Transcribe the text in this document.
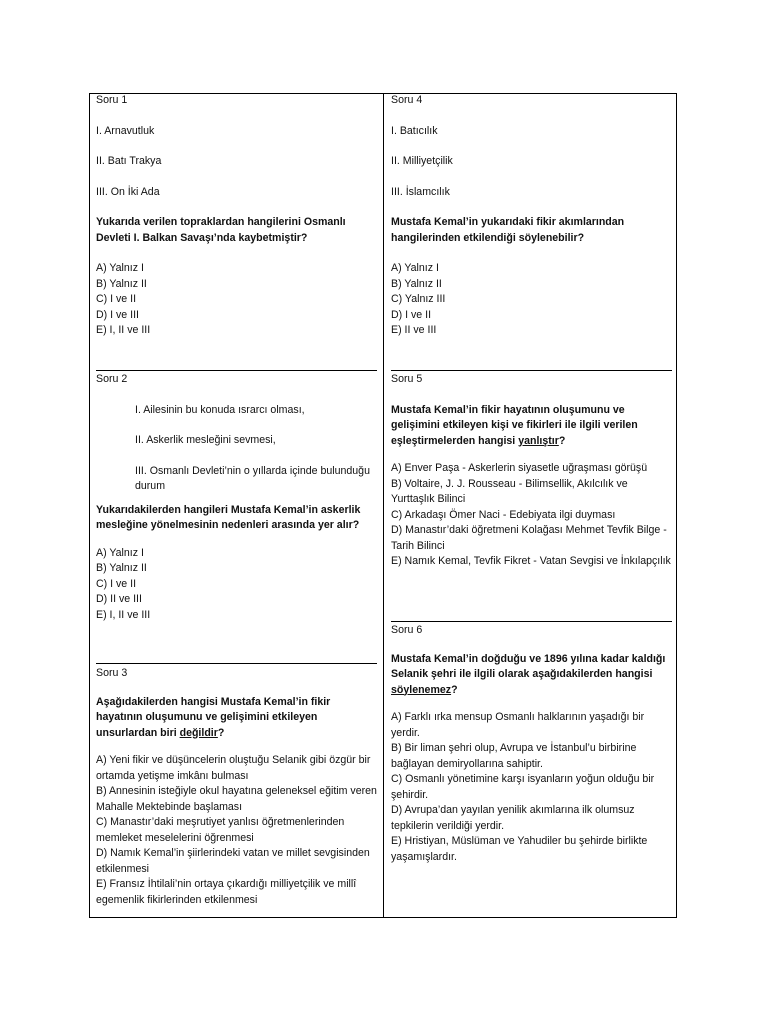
Soru 1

I. Arnavutluk

II. Batı Trakya

III. On İki Ada

Yukarıda verilen topraklardan hangilerini Osmanlı Devleti I. Balkan Savaşı’nda kaybetmiştir?

A) Yalnız I

B) Yalnız II

C) I ve II

D) I ve III

E) I, II ve III

Soru 2

I. Ailesinin bu konuda ısrarcı olması,

II. Askerlik mesleğini sevmesi,

III. Osmanlı Devleti’nin o yıllarda içinde bulunduğu durum

Yukarıdakilerden hangileri Mustafa Kemal’in askerlik mesleğine yönelmesinin nedenleri arasında yer alır?

A) Yalnız I

B) Yalnız II

C) I ve II

D) II ve III

E) I, II ve III

Soru 3

Aşağıdakilerden hangisi Mustafa Kemal’in fikir hayatının oluşumunu ve gelişimini etkileyen unsurlardan biri değildir?

A) Yeni fikir ve düşüncelerin oluştuğu Selanik gibi özgür bir ortamda yetişme imkânı bulması

B) Annesinin isteğiyle okul hayatına geleneksel eğitim veren Mahalle Mektebinde başlaması

C) Manastır’daki meşrutiyet yanlısı öğretmenlerinden memleket meselelerini öğrenmesi

D) Namık Kemal’in şiirlerindeki vatan ve millet sevgisinden etkilenmesi

E) Fransız İhtilali’nin ortaya çıkardığı milliyetçilik ve millî egemenlik fikirlerinden etkilenmesi

Soru 4

I. Batıcılık

II. Milliyetçilik

III. İslamcılık

Mustafa Kemal’in yukarıdaki fikir akımlarından hangilerinden etkilendiği söylenebilir?

A) Yalnız I

B) Yalnız II

C) Yalnız III

D) I ve II

E) II ve III

Soru 5

Mustafa Kemal’in fikir hayatının oluşumunu ve gelişimini etkileyen kişi ve fikirleri ile ilgili verilen eşleştirmelerden hangisi yanlıştır?

A) Enver Paşa - Askerlerin siyasetle uğraşması görüşü

B) Voltaire, J. J. Rousseau - Bilimsellik, Akılcılık ve Yurttaşlık Bilinci

C) Arkadaşı Ömer Naci - Edebiyata ilgi duyması

D) Manastır’daki öğretmeni Kolağası Mehmet Tevfik Bilge - Tarih Bilinci

E) Namık Kemal, Tevfik Fikret - Vatan Sevgisi ve İnkılapçılık

Soru 6

Mustafa Kemal’in doğduğu ve 1896 yılına kadar kaldığı Selanik şehri ile ilgili olarak aşağıdakilerden hangisi söylenemez?

A) Farklı ırka mensup Osmanlı halklarının yaşadığı bir yerdir.

B) Bir liman şehri olup, Avrupa ve İstanbul’u birbirine bağlayan demiryollarına sahiptir.

C) Osmanlı yönetimine karşı isyanların yoğun olduğu bir şehirdir.

D) Avrupa’dan yayılan yenilik akımlarına ilk olumsuz tepkilerin verildiği yerdir.

E) Hristiyan, Müslüman ve Yahudiler bu şehirde birlikte yaşamışlardır.
